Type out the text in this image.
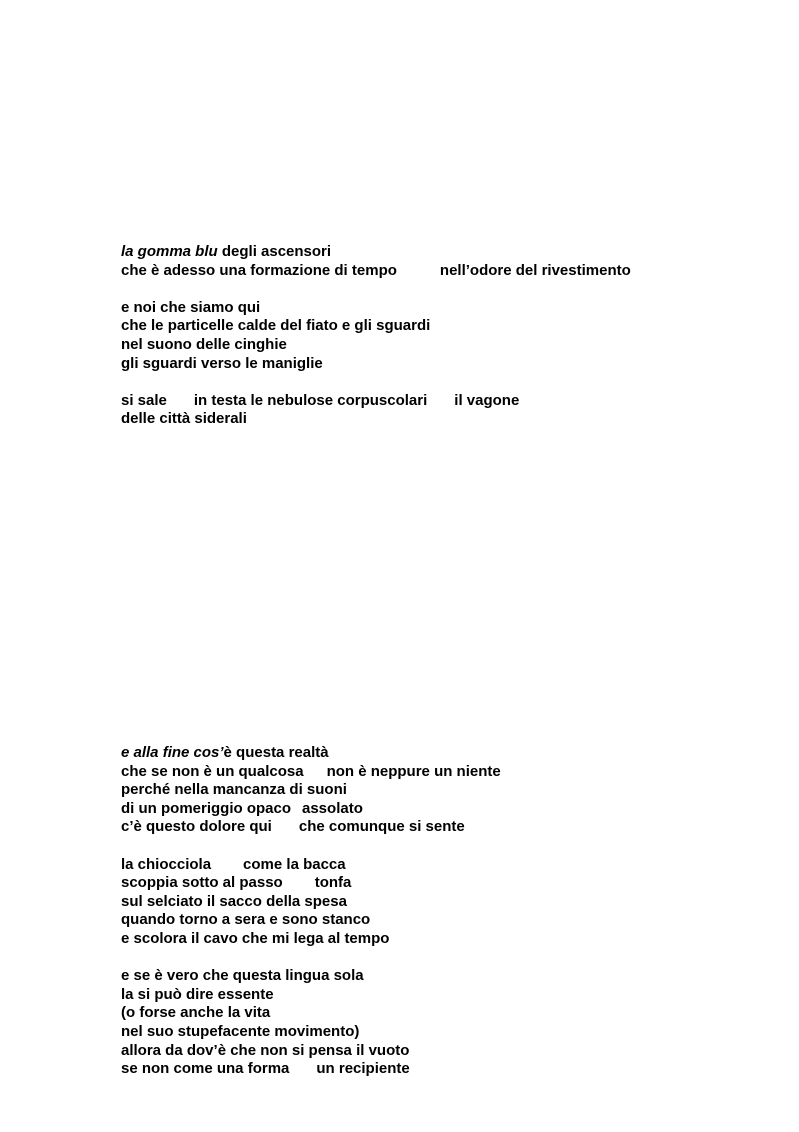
la gomma blu degli ascensori
che è adesso una formazione di tempo	nell’odore del rivestimento
e noi che siamo qui
che le particelle calde del fiato e gli sguardi
nel suono delle cinghie
gli sguardi verso le maniglie
si sale in testa le nebulose corpuscolari il vagone
delle città siderali
e alla fine cos’è questa realtà
che se non è un qualcosa non è neppure un niente
perché nella mancanza di suoni
di un pomeriggio opaco assolato
c’è questo dolore qui che comunque si sente
la chiocciola come la bacca
scoppia sotto al passo tonfa
sul selciato il sacco della spesa
quando torno a sera e sono stanco
e scolora il cavo che mi lega al tempo
e se è vero che questa lingua sola
la si può dire essente
(o forse anche la vita
nel suo stupefacente movimento)
allora da dov’è che non si pensa il vuoto
se non come una forma un recipiente
